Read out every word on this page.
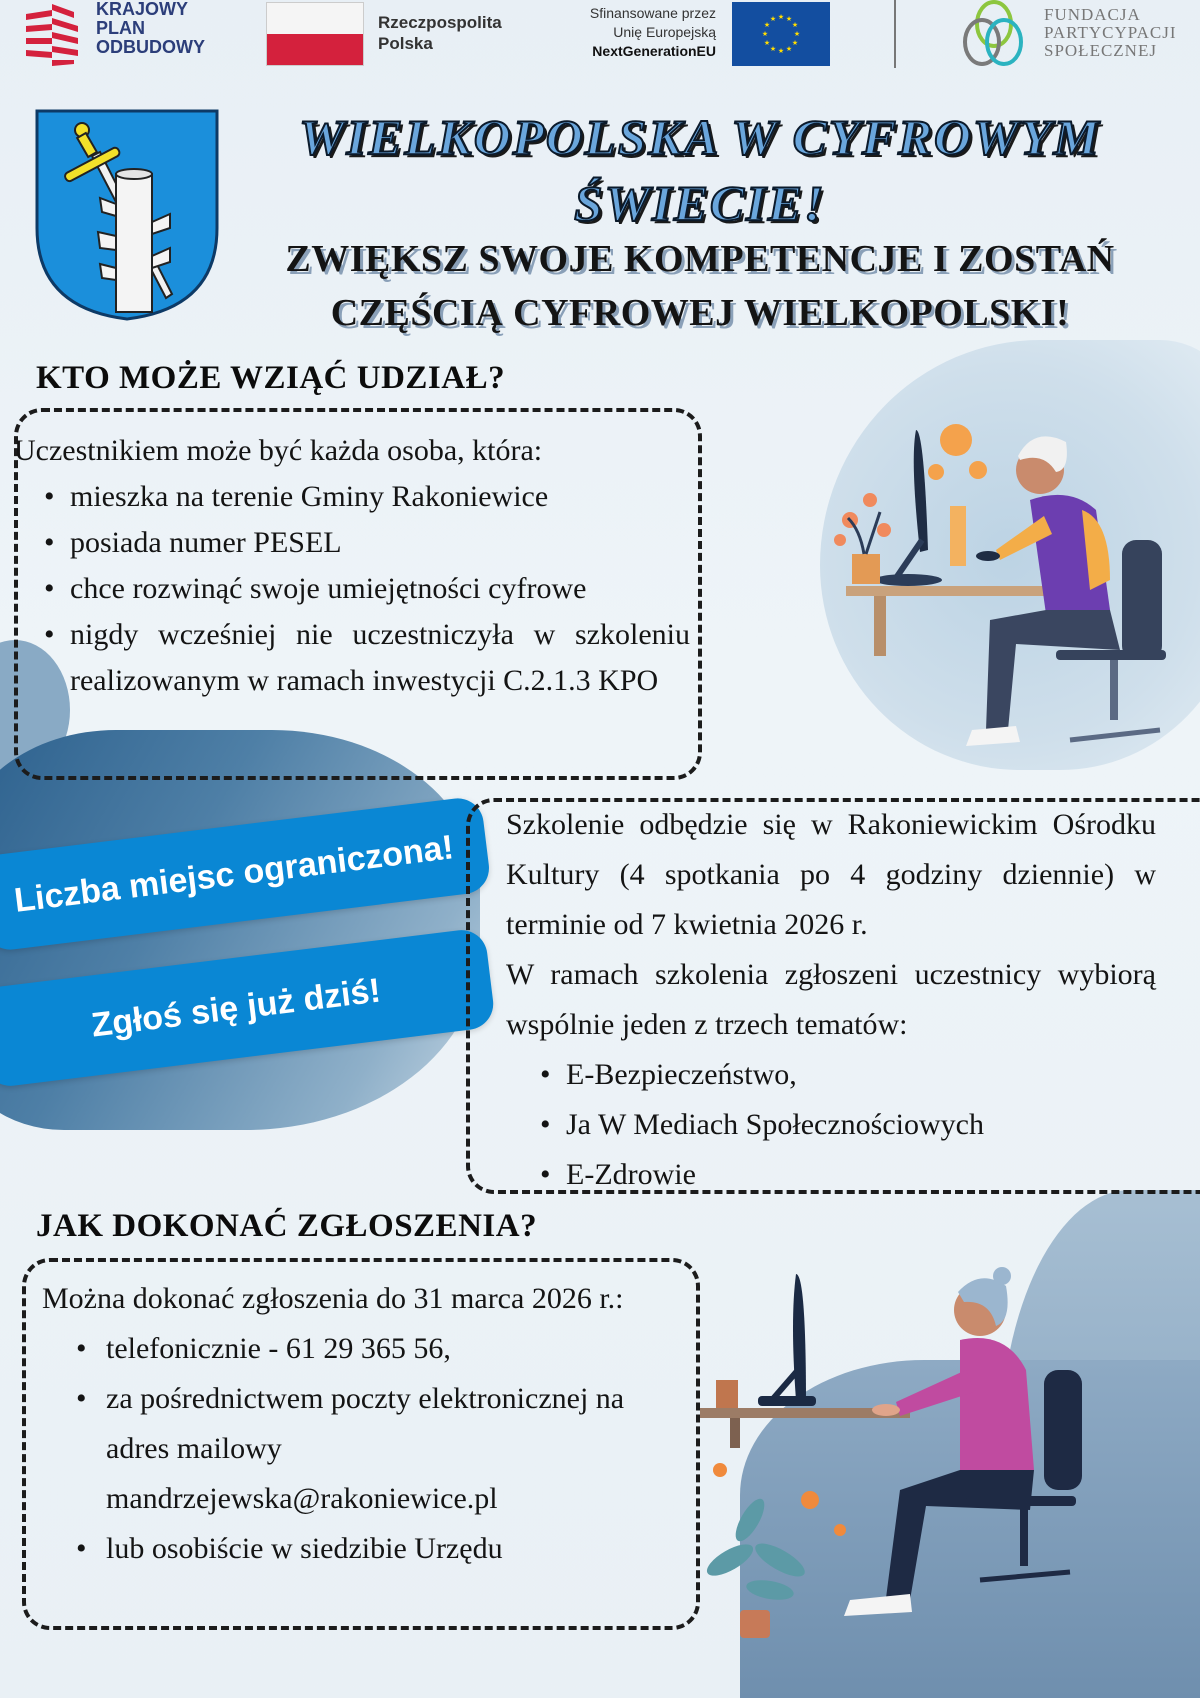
KRAJOWY
PLAN
ODBUDOWY
Rzeczpospolita
Polska
Sfinansowane przez
Unię Europejską
NextGenerationEU
★ ★
★
★
★
★
★
★
★
★
★
★	FUNDACJA
PARTYCYPACJI
SPOŁECZNEJ
WIELKOPOLSKA W CYFROWYM ŚWIECIE!
ZWIĘKSZ SWOJE KOMPETENCJE I ZOSTAŃ CZĘŚCIĄ CYFROWEJ WIELKOPOLSKI!
KTO MOŻE WZIĄĆ UDZIAŁ?
Uczestnikiem może być każda osoba, która:
• mieszka na terenie Gminy Rakoniewice
• posiada numer PESEL
• chce rozwinąć swoje umiejętności cyfrowe
• nigdy wcześniej nie uczestniczyła w szkoleniu realizowanym w ramach inwestycji C.2.1.3 KPO
Liczba miejsc ograniczona!
Zgłoś się już dziś!

Szkolenie odbędzie się w Rakoniewickim Ośrodku Kultury (4 spotkania po 4 godziny dziennie) w terminie od 7 kwietnia 2026 r.

W ramach szkolenia zgłoszeni uczestnicy wybiorą wspólnie jeden z trzech tematów:

• E-Bezpieczeństwo,
• Ja W Mediach Społecznościowych
• E-Zdrowie
JAK DOKONAĆ ZGŁOSZENIA?

Można dokonać zgłoszenia do 31 marca 2026 r.:

• telefonicznie - 61 29 365 56,
• za pośrednictwem poczty elektronicznej na adres mailowy
mandrzejewska@rakoniewice.pl
• lub osobiście w siedzibie Urzędu
